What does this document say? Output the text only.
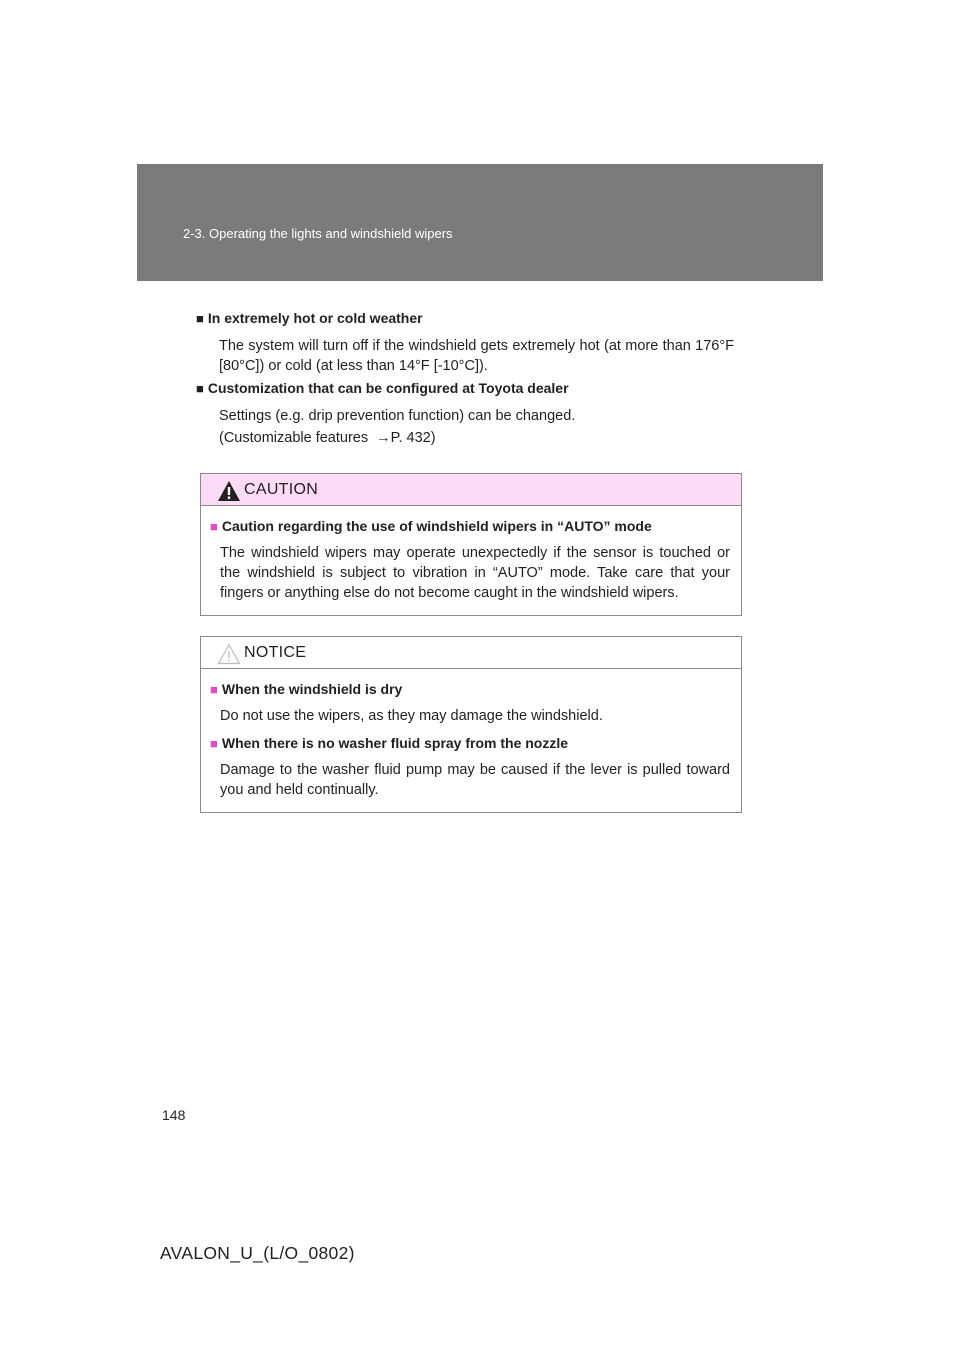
2-3. Operating the lights and windshield wipers
■ In extremely hot or cold weather

The system will turn off if the windshield gets extremely hot (at more than 176°F [80°C]) or cold (at less than 14°F [-10°C]).

■ Customization that can be configured at Toyota dealer

Settings (e.g. drip prevention function) can be changed.

(Customizable features  →P. 432)

CAUTION
■ Caution regarding the use of windshield wipers in “AUTO” mode
The windshield wipers may operate unexpectedly if the sensor is touched or the windshield is subject to vibration in “AUTO” mode. Take care that your fingers or anything else do not become caught in the windshield wipers.
NOTICE
■ When the windshield is dry
Do not use the wipers, as they may damage the windshield.
■ When there is no washer fluid spray from the nozzle
Damage to the washer fluid pump may be caused if the lever is pulled toward you and held continually.
148
AVALON_U_(L/O_0802)
